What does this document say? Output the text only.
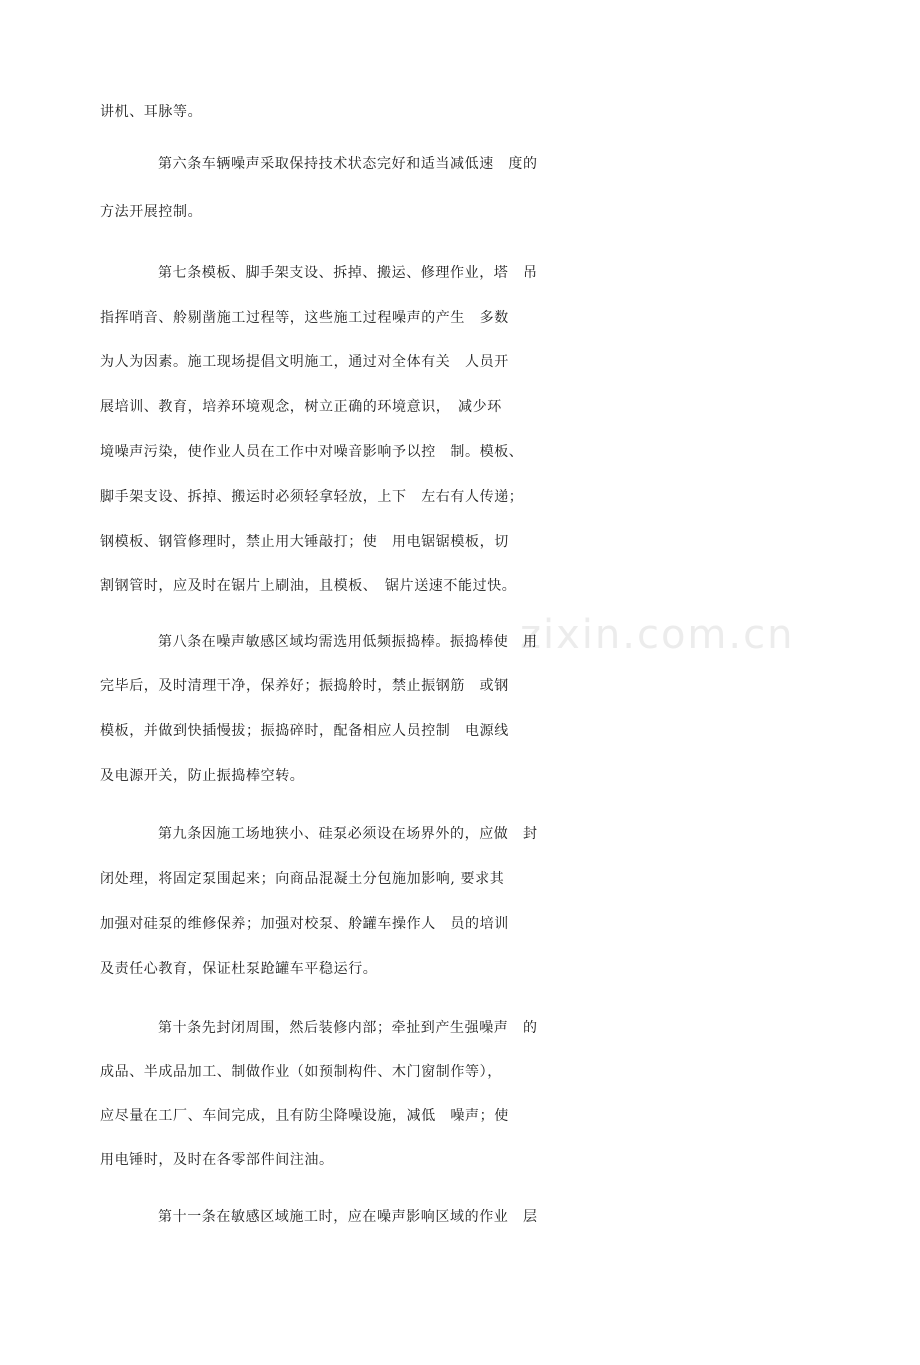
zixin.com.cn
讲机、耳脉等。
第六条车辆噪声采取保持技术状态完好和适当减低速　度的
方法开展控制。
第七条模板、脚手架支设、拆掉、搬运、修理作业，塔　吊
指挥哨音、舲剔凿施工过程等，这些施工过程噪声的产生　多数
为人为因素。施工现场提倡文明施工，通过对全体有关　人员开
展培训、教育，培养环境观念，树立正确的环境意识，　减少环
境噪声污染，使作业人员在工作中对噪音影响予以控　制。模板、
脚手架支设、拆掉、搬运时必须轻拿轻放，上下　左右有人传递；
钢模板、钢管修理时，禁止用大锤敲打；使　用电锯锯模板，切
割钢管时，应及时在锯片上刷油，且模板、　锯片送速不能过快。
第八条在噪声敏感区域均需选用低频振捣棒。振捣棒使　用
完毕后，及时清理干净，保养好；振捣舲时，禁止振钢筋　或钢
模板，并做到快插慢拔；振捣碎时，配备相应人员控制　电源线
及电源开关，防止振捣棒空转。
第九条因施工场地狭小、硅泵必须设在场界外的，应做　封
闭处理，将固定泵围起来；向商品混凝土分包施加影响, 要求其
加强对硅泵的维修保养；加强对校泵、舲罐车操作人　员的培训
及责任心教育，保证杜泵跄罐车平稳运行。
第十条先封闭周围，然后装修内部；牵扯到产生强噪声　的
成品、半成品加工、制做作业（如预制构件、木门窗制作等），
应尽量在工厂、车间完成，且有防尘降噪设施，减低　噪声；使
用电锤时，及时在各零部件间注油。
第十一条在敏感区域施工时，应在噪声影响区域的作业　层
